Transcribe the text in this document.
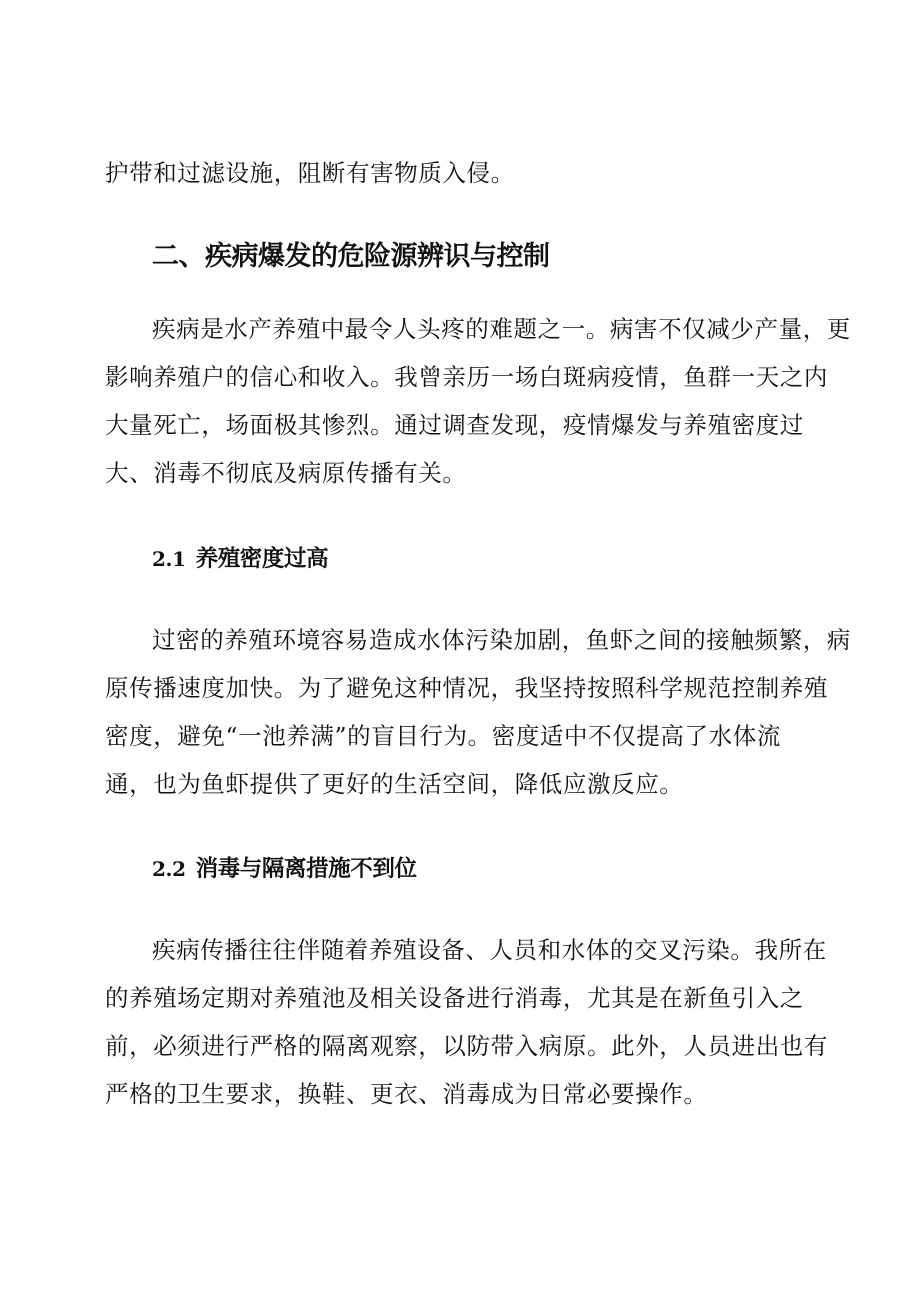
护带和过滤设施，阻断有害物质入侵。

二、疾病爆发的危险源辨识与控制

疾病是水产养殖中最令人头疼的难题之一。病害不仅减少产量，更

影响养殖户的信心和收入。我曾亲历一场白斑病疫情，鱼群一天之内

大量死亡，场面极其惨烈。通过调查发现，疫情爆发与养殖密度过

大、消毒不彻底及病原传播有关。

2.1 养殖密度过高

过密的养殖环境容易造成水体污染加剧，鱼虾之间的接触频繁，病

原传播速度加快。为了避免这种情况，我坚持按照科学规范控制养殖

密度，避免“一池养满”的盲目行为。密度适中不仅提高了水体流

通，也为鱼虾提供了更好的生活空间，降低应激反应。

2.2 消毒与隔离措施不到位

疾病传播往往伴随着养殖设备、人员和水体的交叉污染。我所在

的养殖场定期对养殖池及相关设备进行消毒，尤其是在新鱼引入之

前，必须进行严格的隔离观察，以防带入病原。此外，人员进出也有

严格的卫生要求，换鞋、更衣、消毒成为日常必要操作。
